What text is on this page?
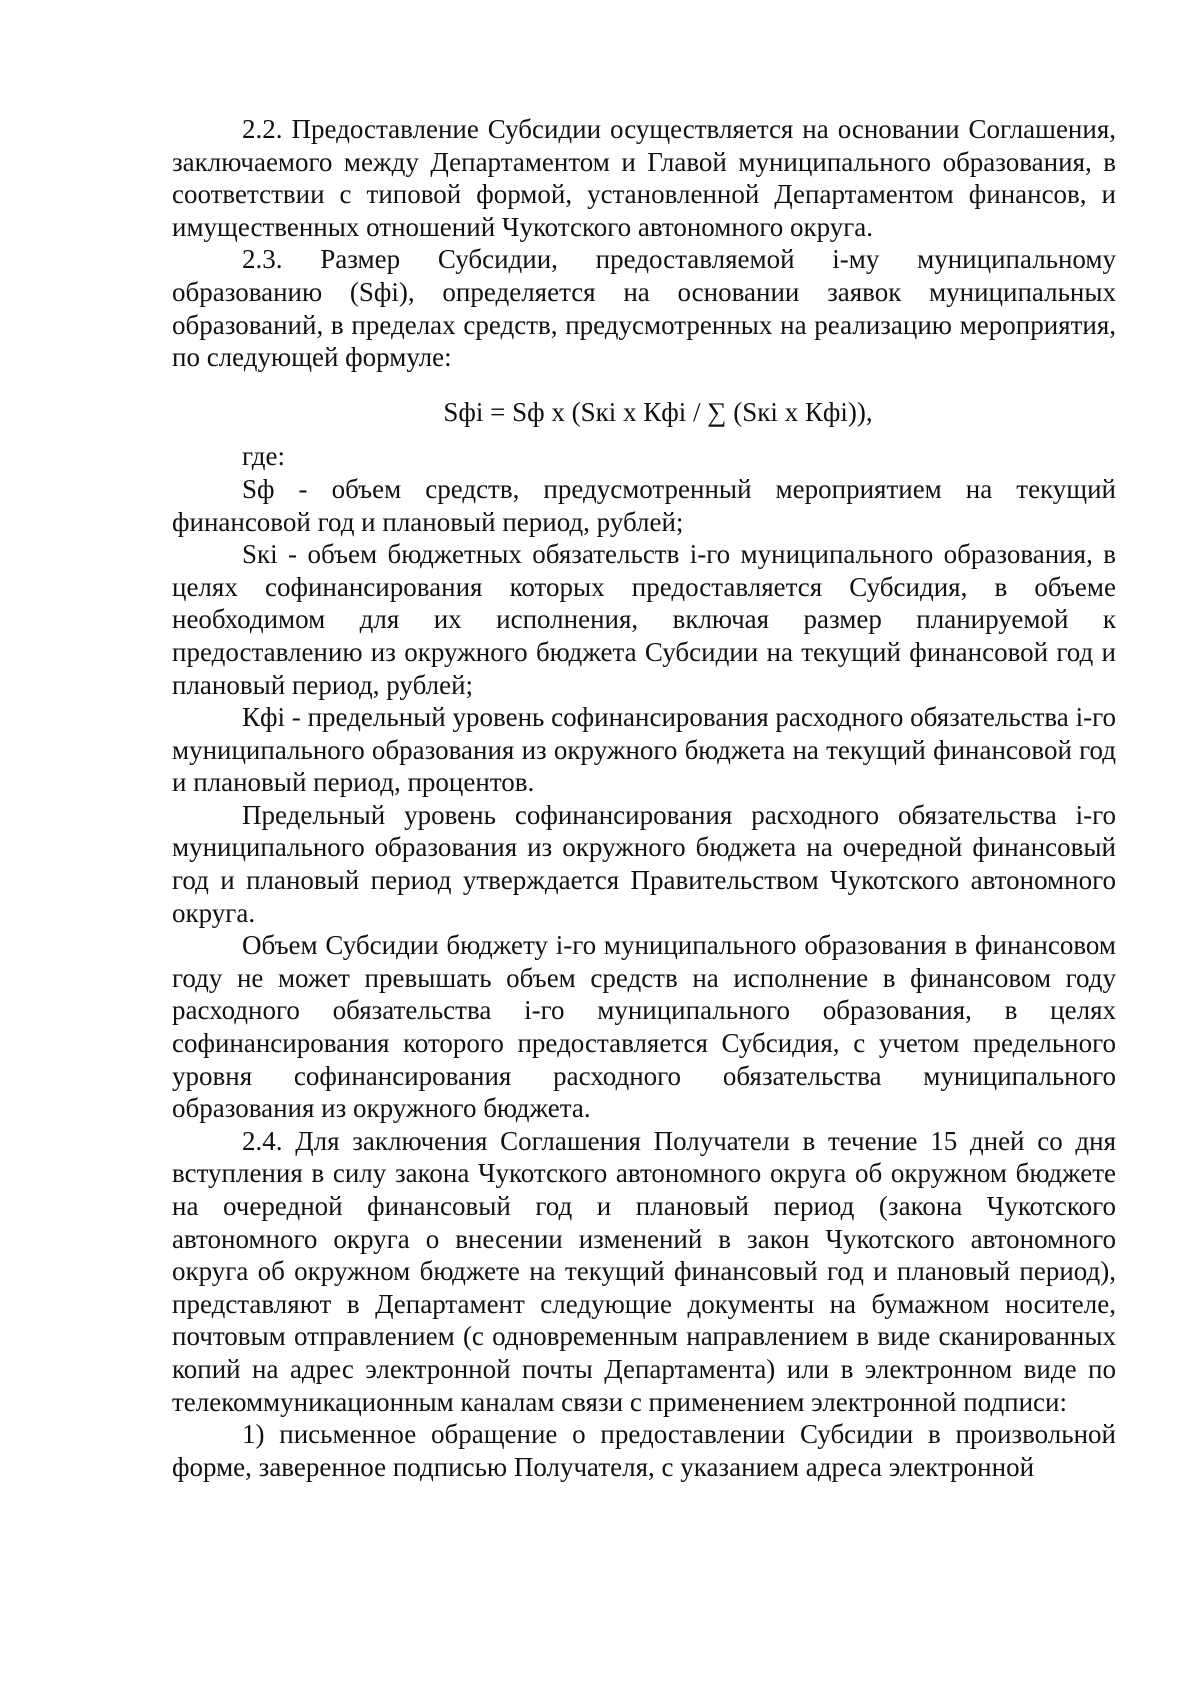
2.2. Предоставление Субсидии осуществляется на основании Соглашения, заключаемого между Департаментом и Главой муниципального образования, в соответствии с типовой формой, установленной Департаментом финансов, и имущественных отношений Чукотского автономного округа.

2.3. Размер Субсидии, предоставляемой i-му муниципальному образованию (Sфi), определяется на основании заявок муниципальных образований, в пределах средств, предусмотренных на реализацию мероприятия, по следующей формуле:

Sфi = Sф x (Sкi x Кфi / ∑ (Sкi x Кфi)),

где:

Sф - объем средств, предусмотренный мероприятием на текущий финансовой год и плановый период, рублей;

Sкi - объем бюджетных обязательств i-го муниципального образования, в целях софинансирования которых предоставляется Субсидия, в объеме необходимом для их исполнения, включая размер планируемой к предоставлению из окружного бюджета Субсидии на текущий финансовой год и плановый период, рублей;

Кфi - предельный уровень софинансирования расходного обязательства i-го муниципального образования из окружного бюджета на текущий финансовой год и плановый период, процентов.

Предельный уровень софинансирования расходного обязательства i-го муниципального образования из окружного бюджета на очередной финансовый год и плановый период утверждается Правительством Чукотского автономного округа.

Объем Субсидии бюджету i-го муниципального образования в финансовом году не может превышать объем средств на исполнение в финансовом году расходного обязательства i-го муниципального образования, в целях софинансирования которого предоставляется Субсидия, с учетом предельного уровня софинансирования расходного обязательства муниципального образования из окружного бюджета.

2.4. Для заключения Соглашения Получатели в течение 15 дней со дня вступления в силу закона Чукотского автономного округа об окружном бюджете на очередной финансовый год и плановый период (закона Чукотского автономного округа о внесении изменений в закон Чукотского автономного округа об окружном бюджете на текущий финансовый год и плановый период), представляют в Департамент следующие документы на бумажном носителе, почтовым отправлением (с одновременным направлением в виде сканированных копий на адрес электронной почты Департамента) или в электронном виде по телекоммуникационным каналам связи с применением электронной подписи:

1) письменное обращение о предоставлении Субсидии в произвольной форме, заверенное подписью Получателя, с указанием адреса электронной
